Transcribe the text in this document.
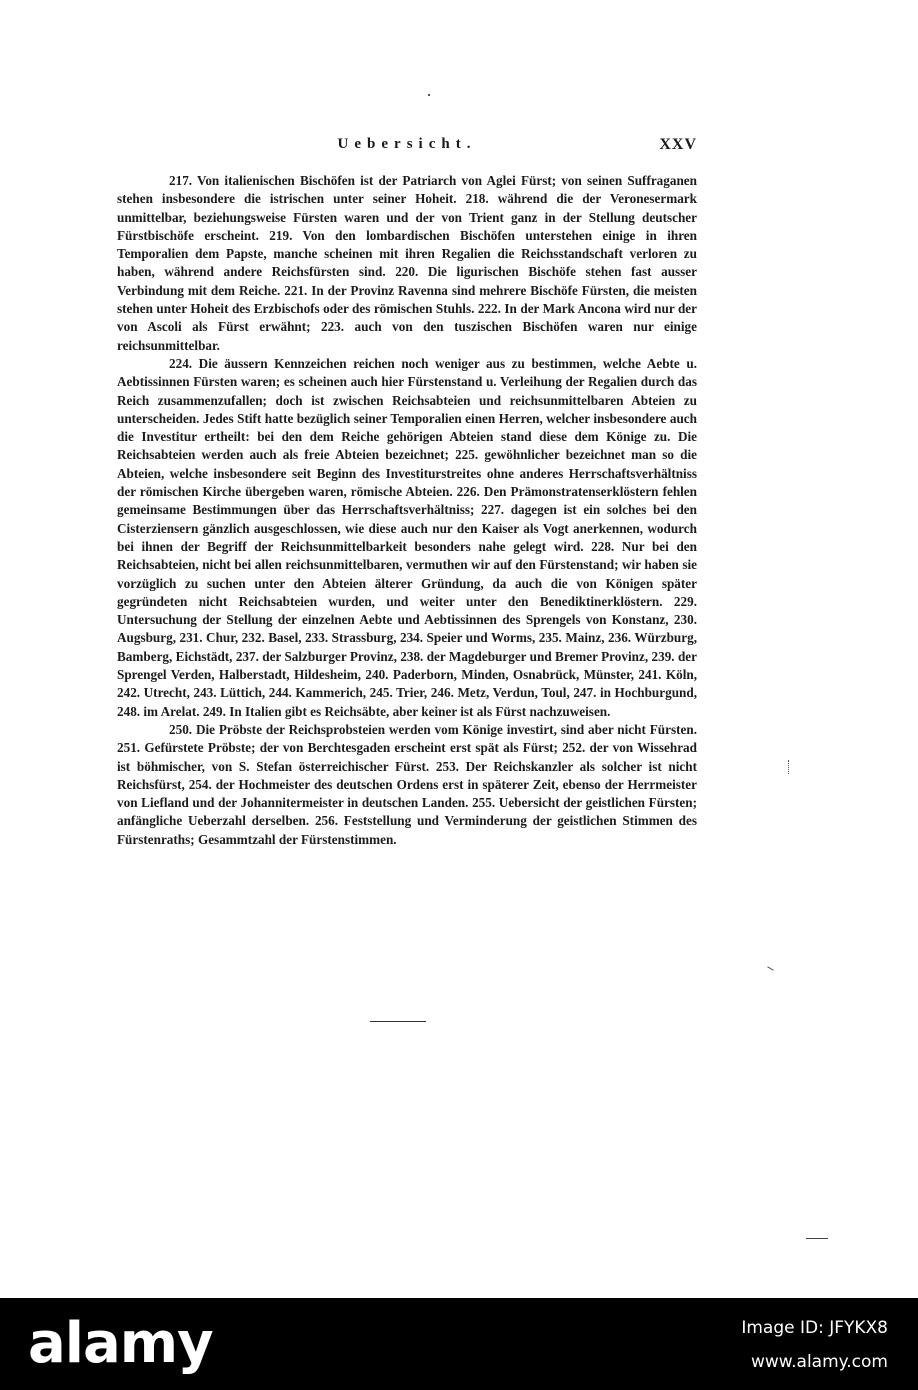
Uebersicht.	XXV

217. Von italienischen Bischöfen ist der Patriarch von Aglei Fürst; von seinen Suffraganen stehen insbesondere die istrischen unter seiner Hoheit. 218. während die der Veronesermark unmittelbar, beziehungsweise Fürsten waren und der von Trient ganz in der Stellung deutscher Fürstbischöfe erscheint. 219. Von den lombardischen Bischöfen unterstehen einige in ihren Temporalien dem Papste, manche scheinen mit ihren Regalien die Reichsstandschaft verloren zu haben, während andere Reichsfürsten sind. 220. Die ligurischen Bischöfe stehen fast ausser Verbindung mit dem Reiche. 221. In der Provinz Ravenna sind mehrere Bischöfe Fürsten, die meisten stehen unter Hoheit des Erzbischofs oder des römischen Stuhls. 222. In der Mark Ancona wird nur der von Ascoli als Fürst erwähnt; 223. auch von den tuszischen Bischöfen waren nur einige reichsunmittelbar.

224. Die äussern Kennzeichen reichen noch weniger aus zu bestimmen, welche Aebte u. Aebtissinnen Fürsten waren; es scheinen auch hier Fürstenstand u. Verleihung der Regalien durch das Reich zusammenzufallen; doch ist zwischen Reichsabteien und reichsunmittelbaren Abteien zu unterscheiden. Jedes Stift hatte bezüglich seiner Temporalien einen Herren, welcher insbesondere auch die Investitur ertheilt: bei den dem Reiche gehörigen Abteien stand diese dem Könige zu. Die Reichsabteien werden auch als freie Abteien bezeichnet; 225. gewöhnlicher bezeichnet man so die Abteien, welche insbesondere seit Beginn des Investiturstreites ohne anderes Herrschaftsverhältniss der römischen Kirche übergeben waren, römische Abteien. 226. Den Prämonstratenserklöstern fehlen gemeinsame Bestimmungen über das Herrschaftsverhältniss; 227. dagegen ist ein solches bei den Cisterziensern gänzlich ausgeschlossen, wie diese auch nur den Kaiser als Vogt anerkennen, wodurch bei ihnen der Begriff der Reichsunmittelbarkeit besonders nahe gelegt wird. 228. Nur bei den Reichsabteien, nicht bei allen reichsunmittelbaren, vermuthen wir auf den Fürstenstand; wir haben sie vorzüglich zu suchen unter den Abteien älterer Gründung, da auch die von Königen später gegründeten nicht Reichsabteien wurden, und weiter unter den Benediktinerklöstern. 229. Untersuchung der Stellung der einzelnen Aebte und Aebtissinnen des Sprengels von Konstanz, 230. Augsburg, 231. Chur, 232. Basel, 233. Strassburg, 234. Speier und Worms, 235. Mainz, 236. Würzburg, Bamberg, Eichstädt, 237. der Salzburger Provinz, 238. der Magdeburger und Bremer Provinz, 239. der Sprengel Verden, Halberstadt, Hildesheim, 240. Paderborn, Minden, Osnabrück, Münster, 241. Köln, 242. Utrecht, 243. Lüttich, 244. Kammerich, 245. Trier, 246. Metz, Verdun, Toul, 247. in Hochburgund, 248. im Arelat. 249. In Italien gibt es Reichsäbte, aber keiner ist als Fürst nachzuweisen.

250. Die Pröbste der Reichsprobsteien werden vom Könige investirt, sind aber nicht Fürsten. 251. Gefürstete Pröbste; der von Berchtesgaden erscheint erst spät als Fürst; 252. der von Wissehrad ist böhmischer, von S. Stefan österreichischer Fürst. 253. Der Reichskanzler als solcher ist nicht Reichsfürst, 254. der Hochmeister des deutschen Ordens erst in späterer Zeit, ebenso der Herrmeister von Liefland und der Johannitermeister in deutschen Landen. 255. Uebersicht der geistlichen Fürsten; anfängliche Ueberzahl derselben. 256. Feststellung und Verminderung der geistlichen Stimmen des Fürstenraths; Gesammtzahl der Fürstenstimmen.

alamy	Image ID: JFYKX8
www.alamy.com
